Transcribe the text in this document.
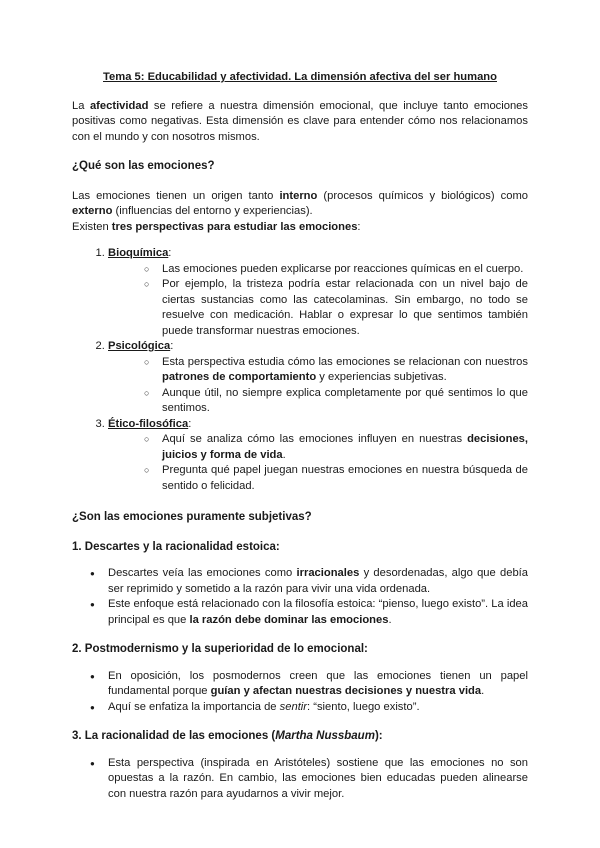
Tema 5: Educabilidad y afectividad. La dimensión afectiva del ser humano

La afectividad se refiere a nuestra dimensión emocional, que incluye tanto emociones positivas como negativas. Esta dimensión es clave para entender cómo nos relacionamos con el mundo y con nosotros mismos.

¿Qué son las emociones?

Las emociones tienen un origen tanto interno (procesos químicos y biológicos) como externo (influencias del entorno y experiencias).

Existen tres perspectivas para estudiar las emociones:

1. Bioquímica:
○ Las emociones pueden explicarse por reacciones químicas en el cuerpo.
○ Por ejemplo, la tristeza podría estar relacionada con un nivel bajo de ciertas sustancias como las catecolaminas. Sin embargo, no todo se resuelve con medicación. Hablar o expresar lo que sentimos también puede transformar nuestras emociones.
2. Psicológica:
○ Esta perspectiva estudia cómo las emociones se relacionan con nuestros patrones de comportamiento y experiencias subjetivas.
○ Aunque útil, no siempre explica completamente por qué sentimos lo que sentimos.
3. Ético-filosófica:
○ Aquí se analiza cómo las emociones influyen en nuestras decisiones, juicios y forma de vida.
○ Pregunta qué papel juegan nuestras emociones en nuestra búsqueda de sentido o felicidad.
¿Son las emociones puramente subjetivas?
1. Descartes y la racionalidad estoica:
● Descartes veía las emociones como irracionales y desordenadas, algo que debía ser reprimido y sometido a la razón para vivir una vida ordenada.
● Este enfoque está relacionado con la filosofía estoica: “pienso, luego existo”. La idea principal es que la razón debe dominar las emociones.
2. Postmodernismo y la superioridad de lo emocional:
● En oposición, los posmodernos creen que las emociones tienen un papel fundamental porque guían y afectan nuestras decisiones y nuestra vida.
● Aquí se enfatiza la importancia de sentir: “siento, luego existo”.
3. La racionalidad de las emociones (Martha Nussbaum):
● Esta perspectiva (inspirada en Aristóteles) sostiene que las emociones no son opuestas a la razón. En cambio, las emociones bien educadas pueden alinearse con nuestra razón para ayudarnos a vivir mejor.
